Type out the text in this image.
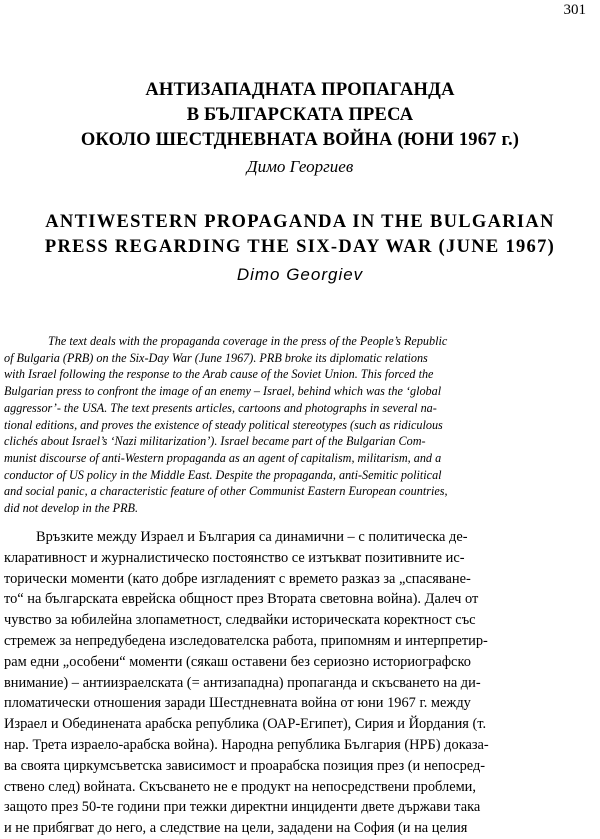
301
АНТИЗАПАДНАТА ПРОПАГАНДА
В БЪЛГАРСКАТА ПРЕСА
ОКОЛО ШЕСТДНЕВНАТА ВОЙНА (ЮНИ 1967 г.)
Димо Георгиев
ANTIWESTERN PROPAGANDA IN THE BULGARIAN
PRESS REGARDING THE SIX-DAY WAR (JUNE 1967)
Dimo Georgiev
The text deals with the propaganda coverage in the press of the People’s Republic
of Bulgaria (PRB) on the Six-Day War (June 1967). PRB broke its diplomatic relations
with Israel following the response to the Arab cause of the Soviet Union. This forced the
Bulgarian press to confront the image of an enemy – Israel, behind which was the ‘global
aggressor’- the USA. The text presents articles, cartoons and photographs in several na-
tional editions, and proves the existence of steady political stereotypes (such as ridiculous
clichés about Israel’s ‘Nazi militarization’). Israel became part of the Bulgarian Com-
munist discourse of anti-Western propaganda as an agent of capitalism, militarism, and a
conductor of US policy in the Middle East. Despite the propaganda, anti-Semitic political
and social panic, a characteristic feature of other Communist Eastern European countries,
did not develop in the PRB.
Връзките между Израел и България са динамични – с политическа де-
кларативност и журналистическо постоянство се изтъкват позитивните ис-
торически моменти (като добре изгладеният с времето разказ за „спасяване-
то“ на българската еврейска общност през Втората световна война). Далеч от
чувство за юбилейна злопаметност, следвайки историческата коректност със
стремеж за непредубедена изследователска работа, припомням и интерпретир-
рам едни „особени“ моменти (сякаш оставени без сериозно историографско
внимание) – антиизраелската (= антизападна) пропаганда и скъсването на ди-
пломатически отношения заради Шестдневната война от юни 1967 г. между
Израел и Обединената арабска република (ОАР-Египет), Сирия и Йордания (т.
нар. Трета израело-арабска война). Народна република България (НРБ) доказа-
ва своята циркумсъветска зависимост и проарабска позиция през (и непосред-
ствено след) войната. Скъсването не е продукт на непосредствени проблеми,
защото през 50-те години при тежки директни инциденти двете държави така
и не прибягват до него, а следствие на цели, зададени на София (и на целия
